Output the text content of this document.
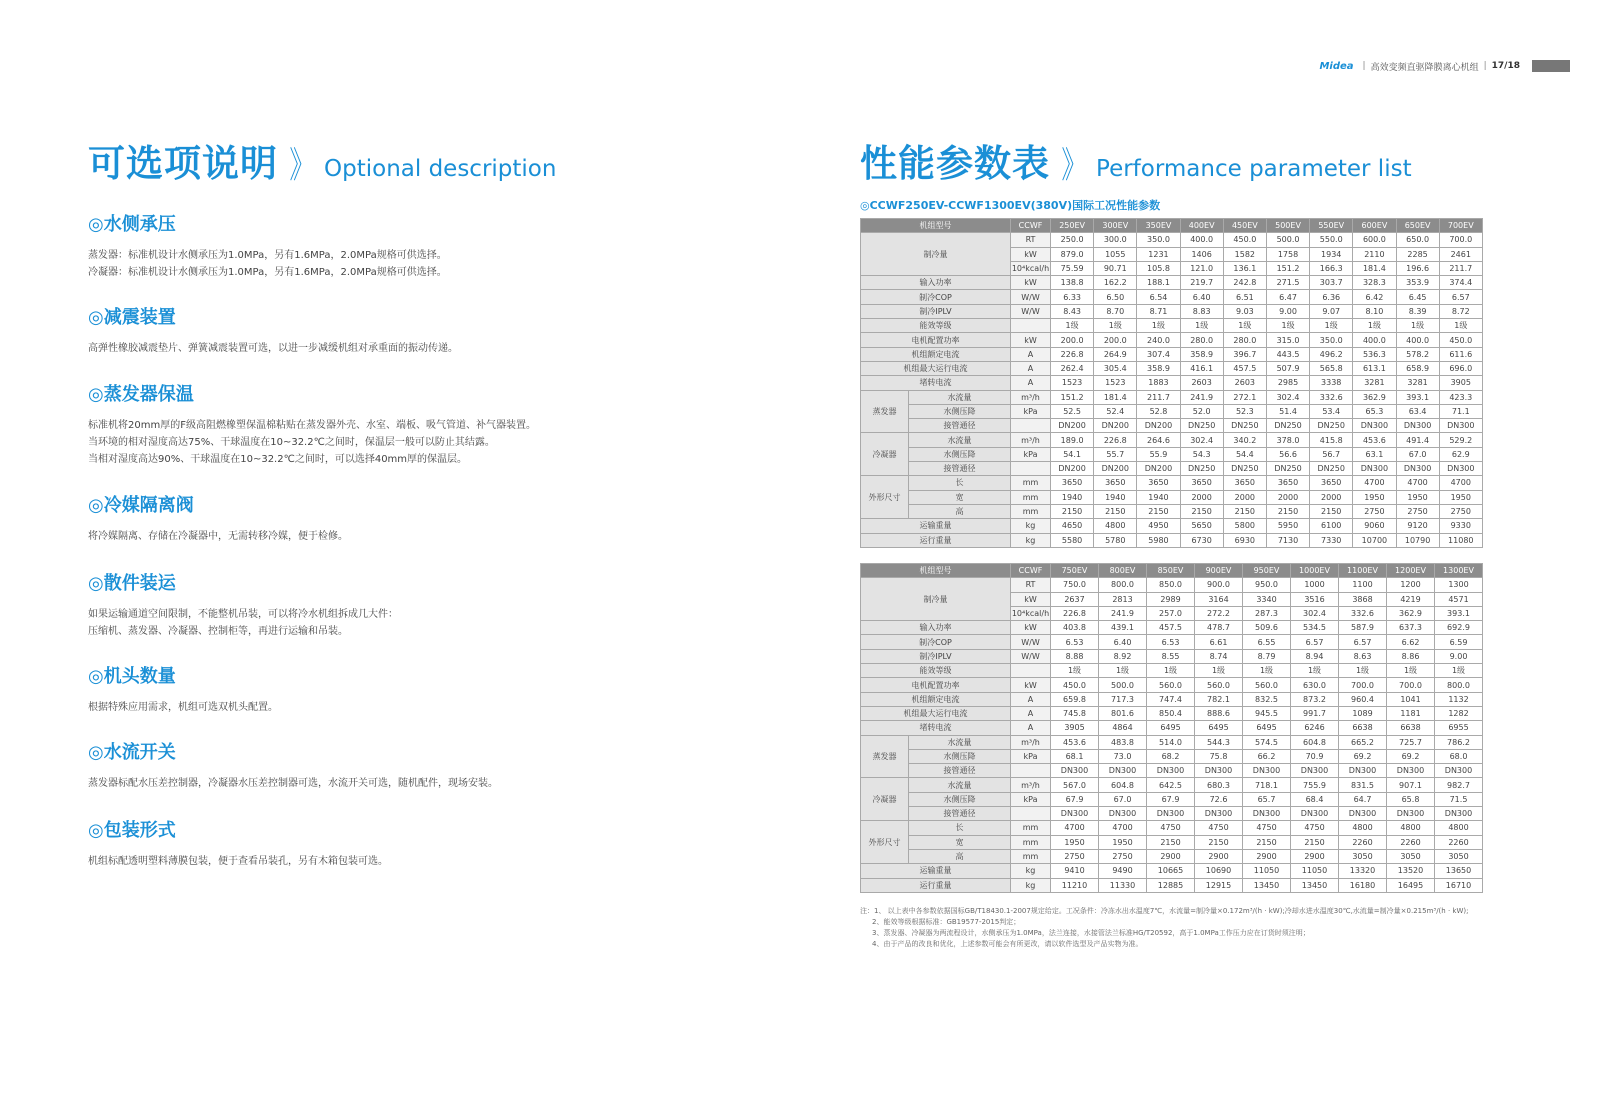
Midea | 高效变频直驱降膜离心机组 | 17/18
可选项说明 》 Optional description
◎水侧承压

蒸发器：标准机设计水侧承压为1.0MPa，另有1.6MPa，2.0MPa规格可供选择。

冷凝器：标准机设计水侧承压为1.0MPa，另有1.6MPa，2.0MPa规格可供选择。

◎减震装置

高弹性橡胶减震垫片、弹簧减震装置可选，以进一步减缓机组对承重面的振动传递。

◎蒸发器保温

标准机将20mm厚的F级高阻燃橡塑保温棉粘贴在蒸发器外壳、水室、端板、吸气管道、补气器装置。

当环境的相对湿度高达75%、干球温度在10~32.2℃之间时，保温层一般可以防止其结露。

当相对湿度高达90%、干球温度在10~32.2℃之间时，可以选择40mm厚的保温层。

◎冷媒隔离阀

将冷媒隔离、存储在冷凝器中，无需转移冷媒，便于检修。

◎散件装运

如果运输通道空间限制，不能整机吊装，可以将冷水机组拆成几大件：

压缩机、蒸发器、冷凝器、控制柜等，再进行运输和吊装。

◎机头数量

根据特殊应用需求，机组可选双机头配置。

◎水流开关

蒸发器标配水压差控制器，冷凝器水压差控制器可选，水流开关可选，随机配件，现场安装。

◎包装形式

机组标配透明塑料薄膜包装，便于查看吊装孔，另有木箱包装可选。

性能参数表 》 Performance parameter list
◎CCWF250EV-CCWF1300EV(380V)国际工况性能参数
机组型号		CCWF	250EV	300EV	350EV	400EV	450EV	500EV	550EV	600EV	650EV	700EV
制冷量		RT	250.0	300.0	350.0	400.0	450.0	500.0	550.0	600.0	650.0	700.0
		kW	879.0	1055	1231	1406	1582	1758	1934	2110	2285	2461
		10⁴kcal/h	75.59	90.71	105.8	121.0	136.1	151.2	166.3	181.4	196.6	211.7
输入功率		kW	138.8	162.2	188.1	219.7	242.8	271.5	303.7	328.3	353.9	374.4
制冷COP		W/W	6.33	6.50	6.54	6.40	6.51	6.47	6.36	6.42	6.45	6.57
制冷IPLV		W/W	8.43	8.70	8.71	8.83	9.03	9.00	9.07	8.10	8.39	8.72
能效等级			1级	1级	1级	1级	1级	1级	1级	1级	1级	1级
电机配置功率		kW	200.0	200.0	240.0	280.0	280.0	315.0	350.0	400.0	400.0	450.0
机组额定电流		A	226.8	264.9	307.4	358.9	396.7	443.5	496.2	536.3	578.2	611.6
机组最大运行电流		A	262.4	305.4	358.9	416.1	457.5	507.9	565.8	613.1	658.9	696.0
堵转电流		A	1523	1523	1883	2603	2603	2985	3338	3281	3281	3905
蒸发器	水流量	m³/h	151.2	181.4	211.7	241.9	272.1	302.4	332.6	362.9	393.1	423.3
	水侧压降	kPa	52.5	52.4	52.8	52.0	52.3	51.4	53.4	65.3	63.4	71.1
	接管通径		DN200	DN200	DN200	DN250	DN250	DN250	DN250	DN300	DN300	DN300
冷凝器	水流量	m³/h	189.0	226.8	264.6	302.4	340.2	378.0	415.8	453.6	491.4	529.2
	水侧压降	kPa	54.1	55.7	55.9	54.3	54.4	56.6	56.7	63.1	67.0	62.9
	接管通径		DN200	DN200	DN200	DN250	DN250	DN250	DN250	DN300	DN300	DN300
外形尺寸	长	mm	3650	3650	3650	3650	3650	3650	3650	4700	4700	4700
	宽	mm	1940	1940	1940	2000	2000	2000	2000	1950	1950	1950
	高	mm	2150	2150	2150	2150	2150	2150	2150	2750	2750	2750
运输重量		kg	4650	4800	4950	5650	5800	5950	6100	9060	9120	9330
运行重量		kg	5580	5780	5980	6730	6930	7130	7330	10700	10790	11080
机组型号		CCWF	750EV	800EV	850EV	900EV	950EV	1000EV	1100EV	1200EV	1300EV
制冷量		RT	750.0	800.0	850.0	900.0	950.0	1000	1100	1200	1300
		kW	2637	2813	2989	3164	3340	3516	3868	4219	4571
		10⁴kcal/h	226.8	241.9	257.0	272.2	287.3	302.4	332.6	362.9	393.1
输入功率		kW	403.8	439.1	457.5	478.7	509.6	534.5	587.9	637.3	692.9
制冷COP		W/W	6.53	6.40	6.53	6.61	6.55	6.57	6.57	6.62	6.59
制冷IPLV		W/W	8.88	8.92	8.55	8.74	8.79	8.94	8.63	8.86	9.00
能效等级			1级	1级	1级	1级	1级	1级	1级	1级	1级
电机配置功率		kW	450.0	500.0	560.0	560.0	560.0	630.0	700.0	700.0	800.0
机组额定电流		A	659.8	717.3	747.4	782.1	832.5	873.2	960.4	1041	1132
机组最大运行电流		A	745.8	801.6	850.4	888.6	945.5	991.7	1089	1181	1282
堵转电流		A	3905	4864	6495	6495	6495	6246	6638	6638	6955
蒸发器	水流量	m³/h	453.6	483.8	514.0	544.3	574.5	604.8	665.2	725.7	786.2
	水侧压降	kPa	68.1	73.0	68.2	75.8	66.2	70.9	69.2	69.2	68.0
	接管通径		DN300	DN300	DN300	DN300	DN300	DN300	DN300	DN300	DN300
冷凝器	水流量	m³/h	567.0	604.8	642.5	680.3	718.1	755.9	831.5	907.1	982.7
	水侧压降	kPa	67.9	67.0	67.9	72.6	65.7	68.4	64.7	65.8	71.5
	接管通径		DN300	DN300	DN300	DN300	DN300	DN300	DN300	DN300	DN300
外形尺寸	长	mm	4700	4700	4750	4750	4750	4750	4800	4800	4800
	宽	mm	1950	1950	2150	2150	2150	2150	2260	2260	2260
	高	mm	2750	2750	2900	2900	2900	2900	3050	3050	3050
运输重量		kg	9410	9490	10665	10690	11050	11050	13320	13520	13650
运行重量		kg	11210	11330	12885	12915	13450	13450	16180	16495	16710
注：1、 以上表中各参数依据国标GB/T18430.1-2007规定给定。工况条件：冷冻水出水温度7℃，水流量=制冷量×0.172m³/(h · kW);冷却水进水温度30℃,水流量=制冷量×0.215m³/(h · kW);
2、能效等级根据标准：GB19577-2015判定；
3、蒸发器、冷凝器为两流程设计，水侧承压为1.0MPa，法兰连接，水接管法兰标准HG/T20592，高于1.0MPa工作压力应在订货时须注明；
4、由于产品的改良和优化，上述参数可能会有所更改，请以软件选型及产品实物为准。
